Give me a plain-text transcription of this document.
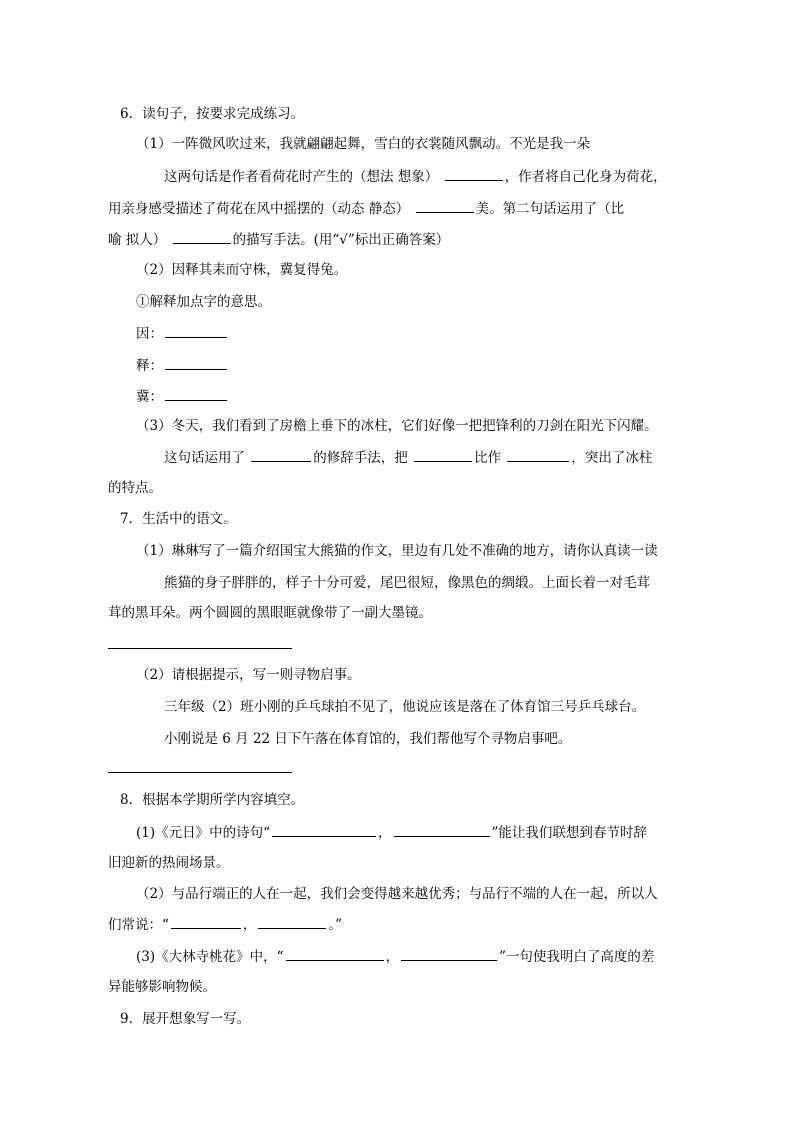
6．读句子，按要求完成练习。
（1）一阵微风吹过来，我就翩翩起舞，雪白的衣裳随风飘动。不光是我一朵
这两句话是作者看荷花时产生的（想法 想象）	，作者将自己化身为荷花，
用亲身感受描述了荷花在风中摇摆的（动态 静态）	美。第二句话运用了（比
喻 拟人）	的描写手法。(用“√”标出正确答案）
（2）因释其耒而守株，冀复得兔。
①解释加点字的意思。
因：
释：
冀：
（3）冬天，我们看到了房檐上垂下的冰柱，它们好像一把把锋利的刀剑在阳光下闪耀。
这句话运用了	的修辞手法，把	比作	，突出了冰柱
的特点。
7．生活中的语文。
（1）琳琳写了一篇介绍国宝大熊猫的作文，里边有几处不准确的地方，请你认真读一读
熊猫的身子胖胖的，样子十分可爱，尾巴很短，像黑色的绸缎。上面长着一对毛茸
茸的黑耳朵。两个圆圆的黑眼眶就像带了一副大墨镜。
（2）请根据提示，写一则寻物启事。
三年级（2）班小刚的乒乓球拍不见了，他说应该是落在了体育馆三号乒乓球台。
小刚说是 6 月 22 日下午落在体育馆的，我们帮他写个寻物启事吧。
8．根据本学期所学内容填空。
(1)《元日》中的诗句“	，	”能让我们联想到春节时辞
旧迎新的热闹场景。
（2）与品行端正的人在一起，我们会变得越来越优秀；与品行不端的人在一起，所以人
们常说：“	，	。”
(3)《大林寺桃花》中，“	，	”一句使我明白了高度的差
异能够影响物候。
9．展开想象写一写。
